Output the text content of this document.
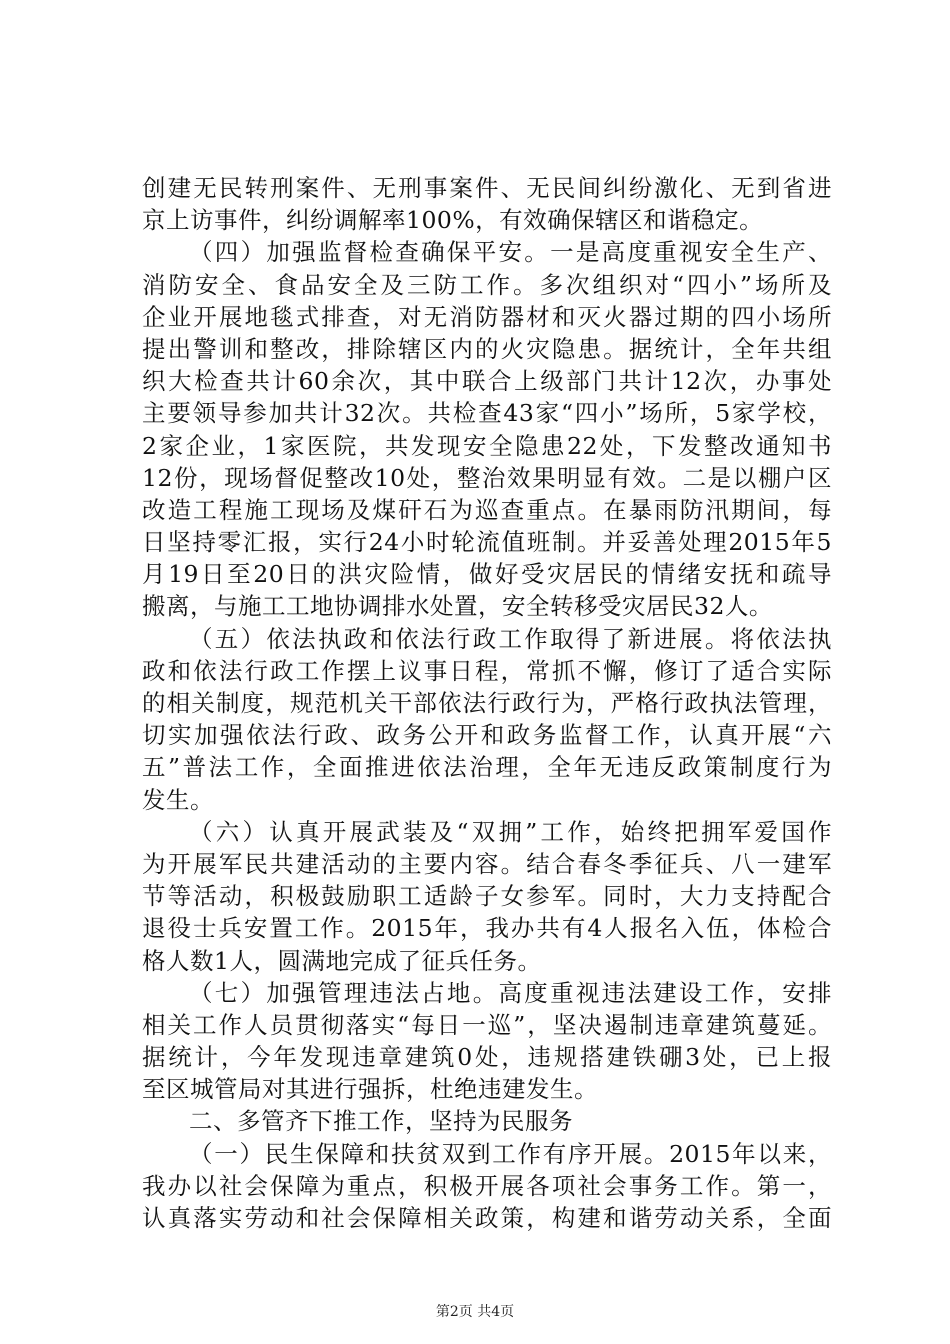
创建无民转刑案件、无刑事案件、无民间纠纷激化、无到省进
京上访事件，纠纷调解率100%，有效确保辖区和谐稳定。
（四）加强监督检查确保平安。一是高度重视安全生产、
消防安全、食品安全及三防工作。多次组织对“四小”场所及
企业开展地毯式排查，对无消防器材和灭火器过期的四小场所
提出警训和整改，排除辖区内的火灾隐患。据统计，全年共组
织大检查共计60余次，其中联合上级部门共计12次，办事处
主要领导参加共计32次。共检查43家“四小”场所，5家学校，
2家企业，1家医院，共发现安全隐患22处，下发整改通知书
12份，现场督促整改10处，整治效果明显有效。二是以棚户区
改造工程施工现场及煤矸石为巡查重点。在暴雨防汛期间，每
日坚持零汇报，实行24小时轮流值班制。并妥善处理2015年5
月19日至20日的洪灾险情，做好受灾居民的情绪安抚和疏导
搬离，与施工工地协调排水处置，安全转移受灾居民32人。
（五）依法执政和依法行政工作取得了新进展。将依法执
政和依法行政工作摆上议事日程，常抓不懈，修订了适合实际
的相关制度，规范机关干部依法行政行为，严格行政执法管理，
切实加强依法行政、政务公开和政务监督工作，认真开展“六
五”普法工作，全面推进依法治理，全年无违反政策制度行为
发生。
（六）认真开展武装及“双拥”工作，始终把拥军爱国作
为开展军民共建活动的主要内容。结合春冬季征兵、八一建军
节等活动，积极鼓励职工适龄子女参军。同时，大力支持配合
退役士兵安置工作。2015年，我办共有4人报名入伍，体检合
格人数1人，圆满地完成了征兵任务。
（七）加强管理违法占地。高度重视违法建设工作，安排
相关工作人员贯彻落实“每日一巡”，坚决遏制违章建筑蔓延。
据统计，今年发现违章建筑0处，违规搭建铁硼3处，已上报
至区城管局对其进行强拆，杜绝违建发生。
二、多管齐下推工作，坚持为民服务
（一）民生保障和扶贫双到工作有序开展。2015年以来，
我办以社会保障为重点，积极开展各项社会事务工作。第一，
认真落实劳动和社会保障相关政策，构建和谐劳动关系，全面
第2页 共4页
